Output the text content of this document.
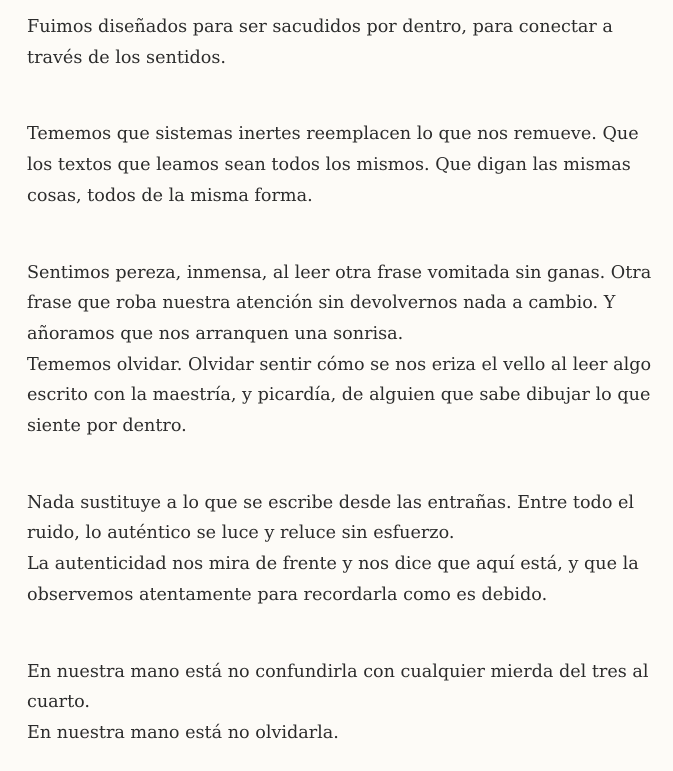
Fuimos diseñados para ser sacudidos por dentro, para conectar a
través de los sentidos.

Tememos que sistemas inertes reemplacen lo que nos remueve. Que
los textos que leamos sean todos los mismos. Que digan las mismas
cosas, todos de la misma forma.

Sentimos pereza, inmensa, al leer otra frase vomitada sin ganas. Otra
frase que roba nuestra atención sin devolvernos nada a cambio. Y
añoramos que nos arranquen una sonrisa.
Tememos olvidar. Olvidar sentir cómo se nos eriza el vello al leer algo
escrito con la maestría, y picardía, de alguien que sabe dibujar lo que
siente por dentro.

Nada sustituye a lo que se escribe desde las entrañas. Entre todo el
ruido, lo auténtico se luce y reluce sin esfuerzo.
La autenticidad nos mira de frente y nos dice que aquí está, y que la
observemos atentamente para recordarla como es debido.

En nuestra mano está no confundirla con cualquier mierda del tres al
cuarto.
En nuestra mano está no olvidarla.
